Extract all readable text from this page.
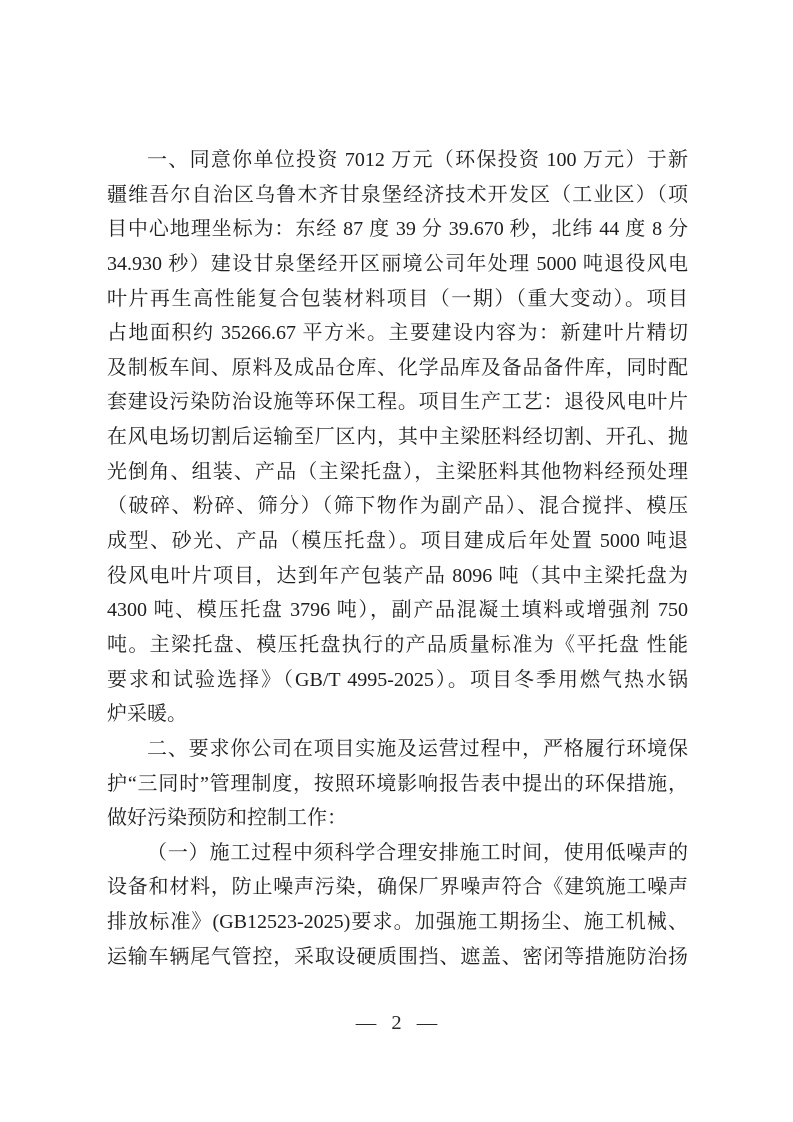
一、同意你单位投资 7012 万元（环保投资 100 万元）于新
疆维吾尔自治区乌鲁木齐甘泉堡经济技术开发区（工业区）（项
目中心地理坐标为：东经 87 度 39 分 39.670 秒，北纬 44 度 8 分
34.930 秒）建设甘泉堡经开区丽境公司年处理 5000 吨退役风电
叶片再生高性能复合包装材料项目（一期）（重大变动）。项目
占地面积约 35266.67 平方米。主要建设内容为：新建叶片精切
及制板车间、原料及成品仓库、化学品库及备品备件库，同时配
套建设污染防治设施等环保工程。项目生产工艺：退役风电叶片
在风电场切割后运输至厂区内，其中主梁胚料经切割、开孔、抛
光倒角、组装、产品（主梁托盘），主梁胚料其他物料经预处理
（破碎、粉碎、筛分）（筛下物作为副产品）、混合搅拌、模压
成型、砂光、产品（模压托盘）。项目建成后年处置 5000 吨退
役风电叶片项目，达到年产包装产品 8096 吨（其中主梁托盘为
4300 吨、模压托盘 3796 吨），副产品混凝土填料或增强剂 750
吨。主梁托盘、模压托盘执行的产品质量标准为《平托盘 性能
要求和试验选择》（GB/T 4995-2025）。项目冬季用燃气热水锅
炉采暖。
二、要求你公司在项目实施及运营过程中，严格履行环境保
护“三同时”管理制度，按照环境影响报告表中提出的环保措施，
做好污染预防和控制工作：
（一）施工过程中须科学合理安排施工时间，使用低噪声的
设备和材料，防止噪声污染，确保厂界噪声符合《建筑施工噪声
排放标准》(GB12523-2025)要求。加强施工期扬尘、施工机械、
运输车辆尾气管控，采取设硬质围挡、遮盖、密闭等措施防治扬
— 2 —
